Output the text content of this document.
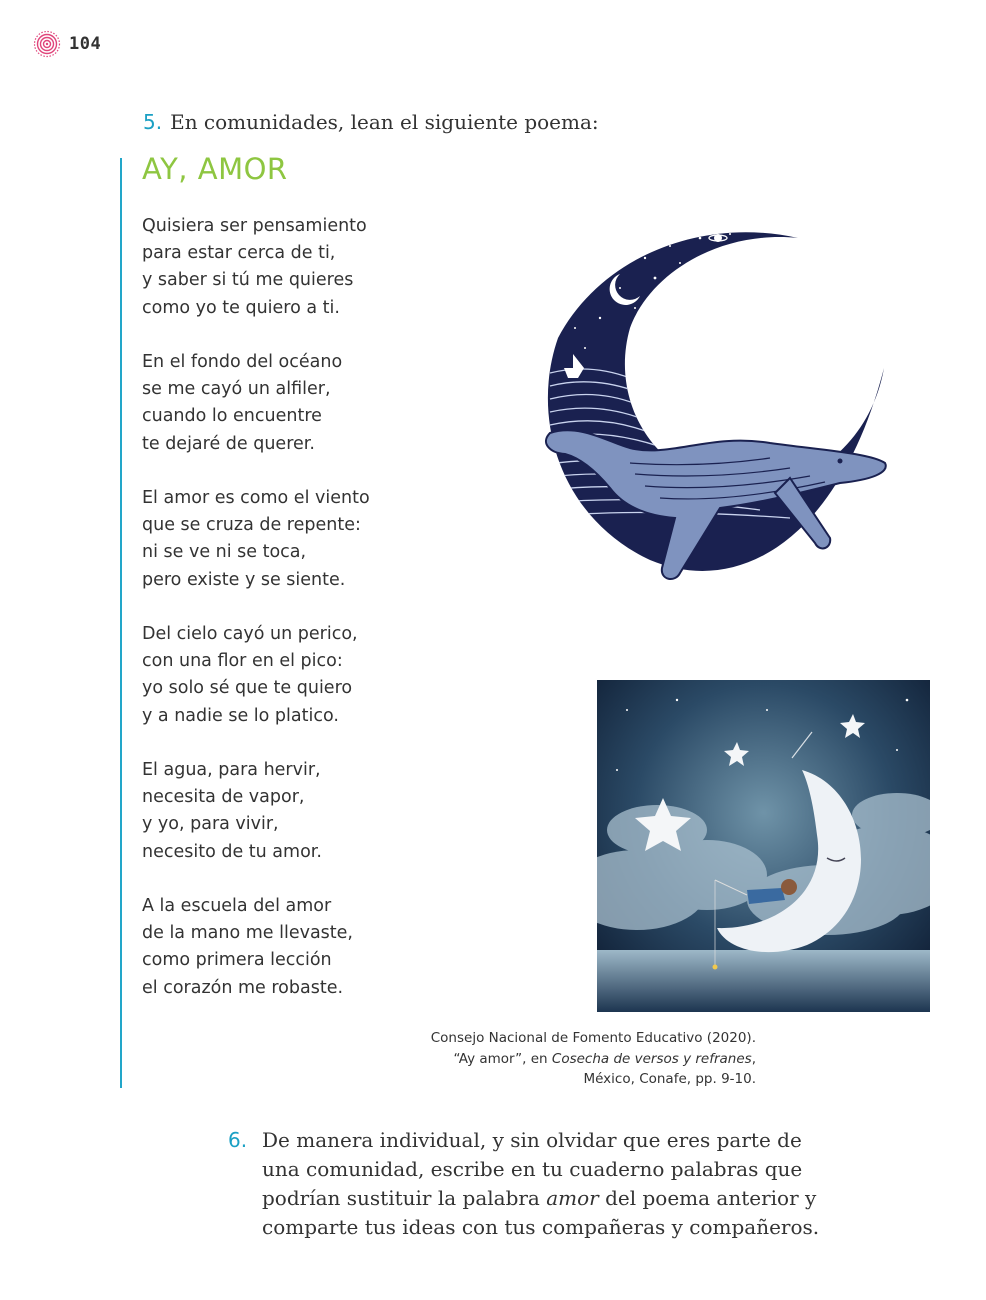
104
5. En comunidades, lean el siguiente poema:
AY, AMOR
Quisiera ser pensamiento
para estar cerca de ti,
y saber si tú me quieres
como yo te quiero a ti.
En el fondo del océano
se me cayó un alfiler,
cuando lo encuentre
te dejaré de querer.
El amor es como el viento
que se cruza de repente:
ni se ve ni se toca,
pero existe y se siente.
Del cielo cayó un perico,
con una flor en el pico:
yo solo sé que te quiero
y a nadie se lo platico.
El agua, para hervir,
necesita de vapor,
y yo, para vivir,
necesito de tu amor.
A la escuela del amor
de la mano me llevaste,
como primera lección
el corazón me robaste.
Consejo Nacional de Fomento Educativo (2020).
“Ay amor”, en Cosecha de versos y refranes,
México, Conafe, pp. 9-10.
6. De manera individual, y sin olvidar que eres parte de una comunidad, escribe en tu cuaderno palabras que podrían sustituir la palabra amor del poema anterior y comparte tus ideas con tus compañeras y compañeros.
